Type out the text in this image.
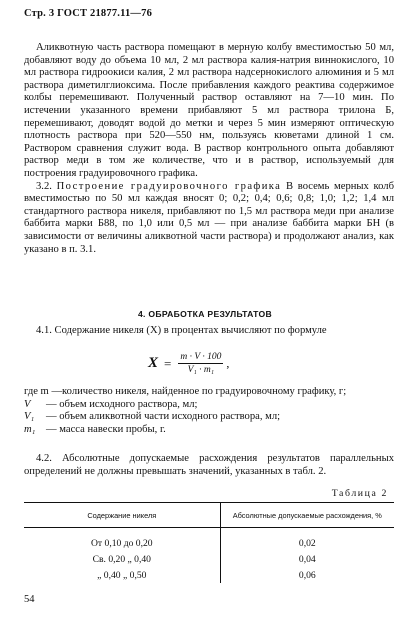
Стр. 3 ГОСТ 21877.11—76

Аликвотную часть раствора помещают в мерную колбу вместимостью 50 мл, добавляют воду до объема 10 мл, 2 мл раствора калия-натрия виннокислого, 10 мл раствора гидроокиси калия, 2 мл раствора надсернокислого алюминия и 5 мл раствора диметилглиоксима. После прибавления каждого реактива содержимое колбы перемешивают. Полученный раствор оставляют на 7—10 мин. По истечении указанного времени прибавляют 5 мл раствора трилона Б, перемешивают, доводят водой до метки и через 5 мин измеряют оптическую плотность раствора при 520—550 нм, пользуясь кюветами длиной 1 см. Раствором сравнения служит вода. В раствор контрольного опыта добавляют раствор меди в том же количестве, что и в раствор, используемый для построения градуировочного графика.

3.2. Построение градуировочного графика В восемь мерных колб вместимостью по 50 мл каждая вносят 0; 0,2; 0,4; 0,6; 0,8; 1,0; 1,2; 1,4 мл стандартного раствора никеля, прибавляют по 1,5 мл раствора меди при анализе баббита марки Б88, по 1,0 или 0,5 мл — при анализе баббита марки БН (в зависимости от величины аликвотной части раствора) и продолжают анализ, как указано в п. 3.1.

4. ОБРАБОТКА РЕЗУЛЬТАТОВ

4.1. Содержание никеля (X) в процентах вычисляют по формуле

$X = \frac{m \cdot V \cdot 100}{\text{V₁ · m₁}}$ ,
где m — количество никеля, найденное по градуировочному графику, г;
V	— объем исходного раствора, мл;
V₁	— объем аликвотной части исходного раствора, мл;
m₁	— масса навески пробы, г.

4.2. Абсолютные допускаемые расхождения результатов параллельных определений не должны превышать значений, указанных в табл. 2.

Таблица 2
Содержание никеля	Абсолютные допускаемые расхождения, %
От 0,10 до 0,20	0,02
Св. 0,20 „ 0,40	0,04
„ 0,40 „ 0,50	0,06
54
